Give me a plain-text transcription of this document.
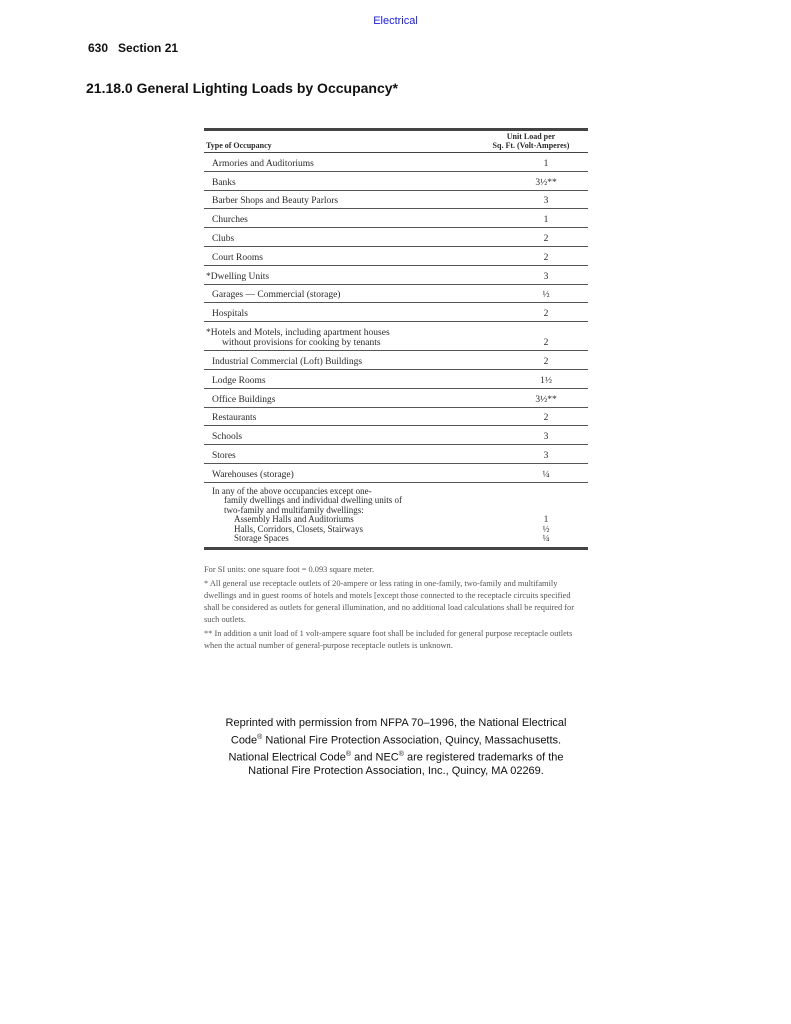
Electrical
630 Section 21
21.18.0 General Lighting Loads by Occupancy*
Type of Occupancy
Unit Load per
Sq. Ft. (Volt-Amperes)
Armories and Auditoriums	1
Banks	3½**
Barber Shops and Beauty Parlors	3
Churches	1
Clubs	2
Court Rooms	2
*Dwelling Units	3
Garages — Commercial (storage)	½
Hospitals	2
*Hotels and Motels, including apartment houses
without provisions for cooking by tenants	2
Industrial Commercial (Loft) Buildings	2
Lodge Rooms	1½
Office Buildings	3½**
Restaurants	2
Schools	3
Stores	3
Warehouses (storage)	¼
In any of the above occupancies except one-
family dwellings and individual dwelling units of
two-family and multifamily dwellings:
Assembly Halls and Auditoriums	1
Halls, Corridors, Closets, Stairways	½
Storage Spaces	¼

For SI units: one square foot = 0.093 square meter.

* All general use receptacle outlets of 20-ampere or less rating in one-family, two-family and multifamily dwellings and in guest rooms of hotels and motels [except those connected to the receptacle circuits specified shall be considered as outlets for general illumination, and no additional load calculations shall be required for such outlets.

** In addition a unit load of 1 volt-ampere square foot shall be included for general purpose receptacle outlets when the actual number of general-purpose receptacle outlets is unknown.

Reprinted with permission from NFPA 70–1996, the National Electrical Code® National Fire Protection Association, Quincy, Massachusetts. National Electrical Code® and NEC® are registered trademarks of the National Fire Protection Association, Inc., Quincy, MA 02269.
